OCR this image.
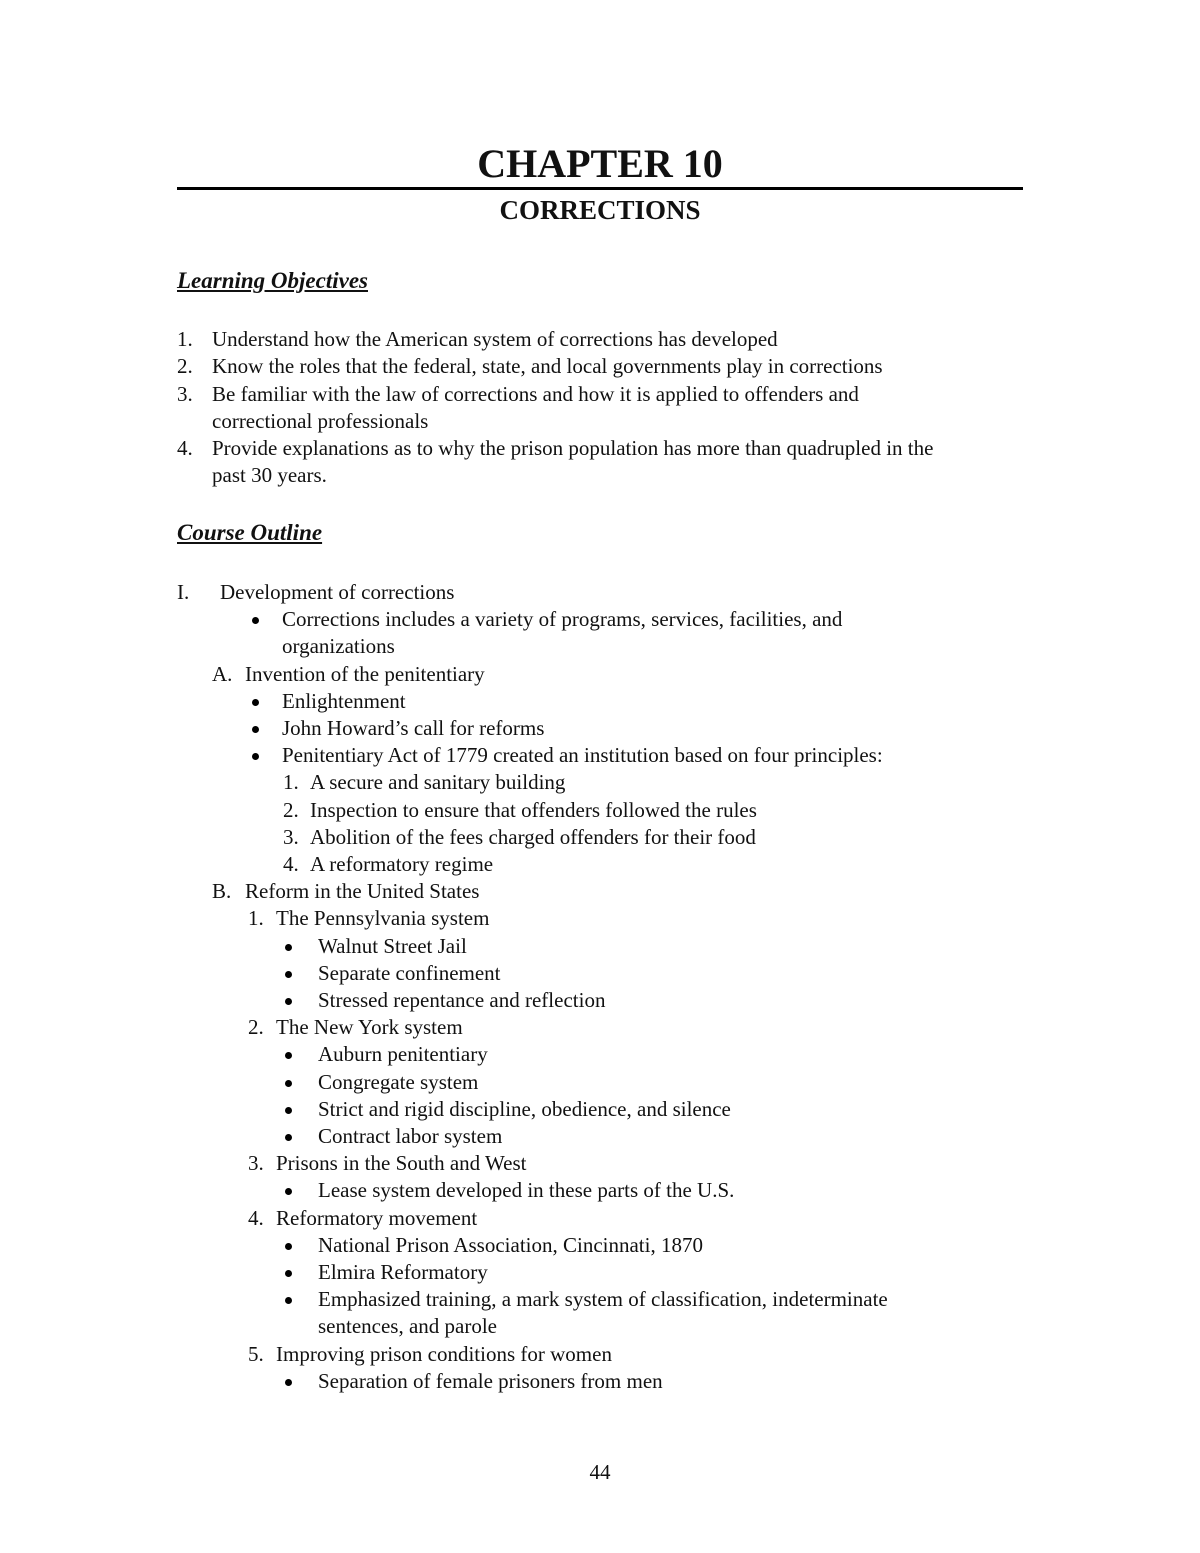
CHAPTER 10
CORRECTIONS
Learning Objectives
1. Understand how the American system of corrections has developed
2. Know the roles that the federal, state, and local governments play in corrections
3. Be familiar with the law of corrections and how it is applied to offenders and
correctional professionals
4. Provide explanations as to why the prison population has more than quadrupled in the
past 30 years.
Course Outline
I. Development of corrections
Corrections includes a variety of programs, services, facilities, and
organizations
A. Invention of the penitentiary
Enlightenment
John Howard’s call for reforms
Penitentiary Act of 1779 created an institution based on four principles:
1. A secure and sanitary building
2. Inspection to ensure that offenders followed the rules
3. Abolition of the fees charged offenders for their food
4. A reformatory regime
B. Reform in the United States
1. The Pennsylvania system
Walnut Street Jail
Separate confinement
Stressed repentance and reflection
2. The New York system
Auburn penitentiary
Congregate system
Strict and rigid discipline, obedience, and silence
Contract labor system
3. Prisons in the South and West
Lease system developed in these parts of the U.S.
4. Reformatory movement
National Prison Association, Cincinnati, 1870
Elmira Reformatory
Emphasized training, a mark system of classification, indeterminate
sentences, and parole
5. Improving prison conditions for women
Separation of female prisoners from men
44
